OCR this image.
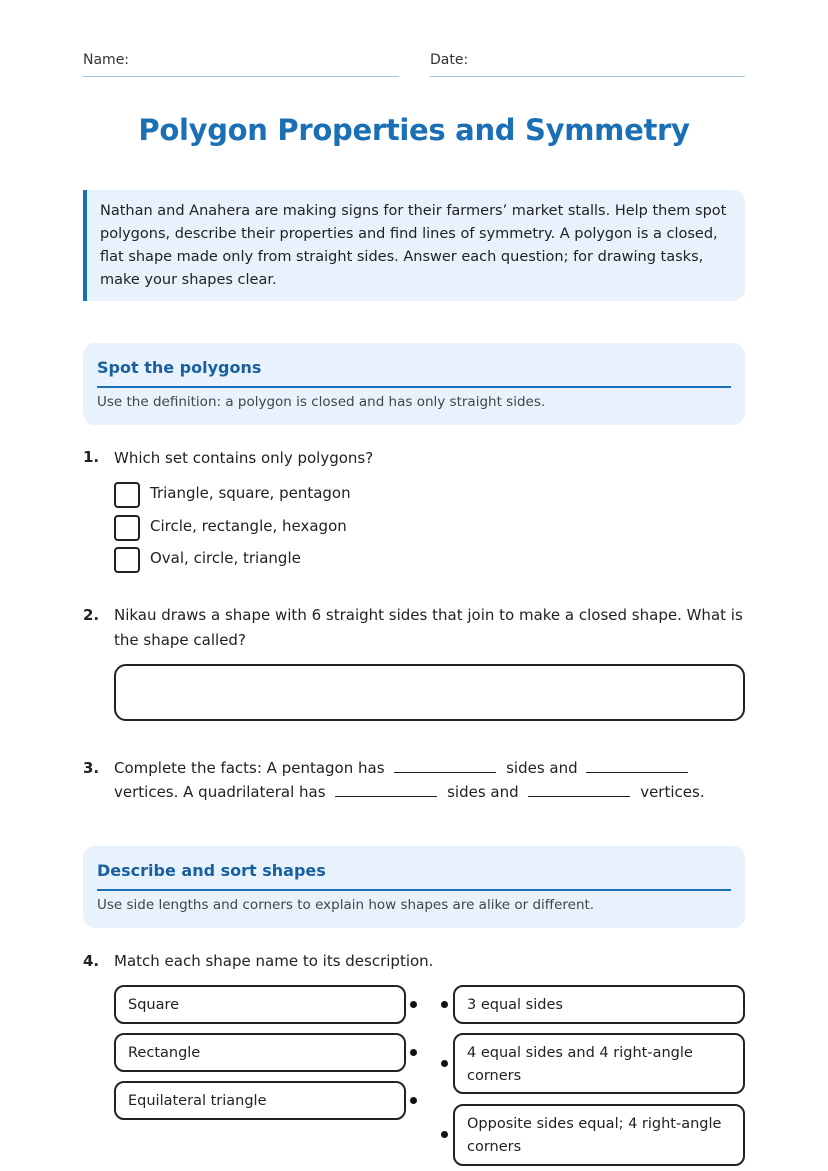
Name:	Date:
Polygon Properties and Symmetry
Nathan and Anahera are making signs for their farmers’ market stalls. Help them spot polygons, describe their properties and find lines of symmetry. A polygon is a closed, flat shape made only from straight sides. Answer each question; for drawing tasks, make your shapes clear.
Spot the polygons
Use the definition: a polygon is closed and has only straight sides.
1. Which set contains only polygons?
Triangle, square, pentagon
Circle, rectangle, hexagon
Oval, circle, triangle
2. Nikau draws a shape with 6 straight sides that join to make a closed shape. What is the shape called?
3. Complete the facts: A pentagon has	sides and
vertices. A quadrilateral has	sides and	vertices.
Describe and sort shapes
Use side lengths and corners to explain how shapes are alike or different.
4. Match each shape name to its description.
Square
Rectangle
Equilateral triangle
3 equal sides
4 equal sides and 4 right-angle corners
Opposite sides equal; 4 right-angle corners
